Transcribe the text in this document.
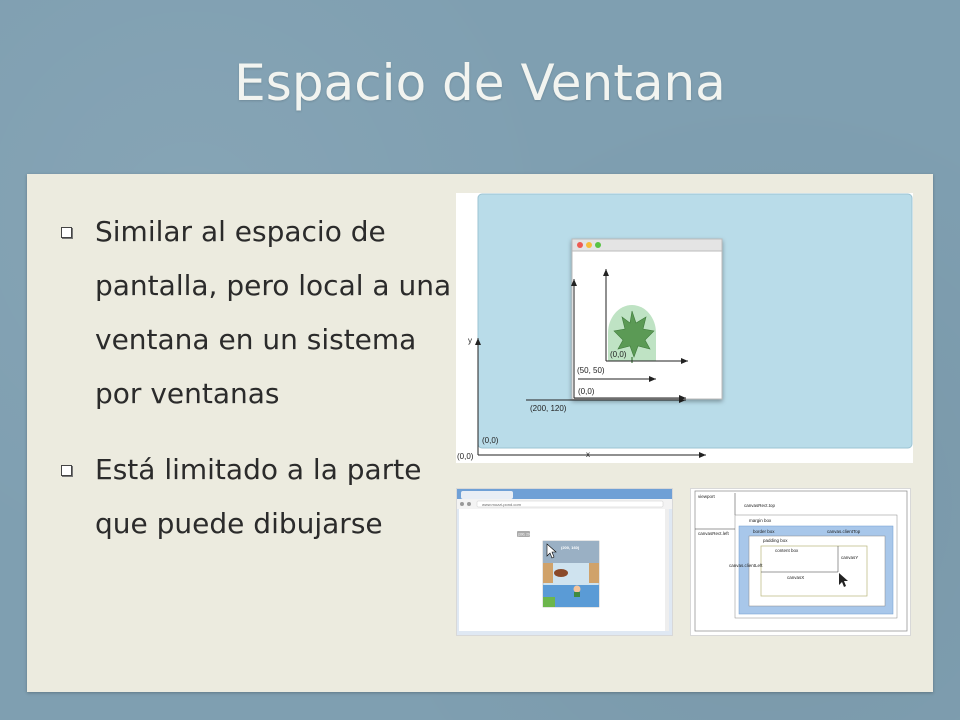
Espacio de Ventana
Similar al espacio de pantalla, pero local a una ventana en un sistema por ventanas
Está limitado a la parte que puede dibujarse
y
x
(0,0)
(0,0)
(200, 120)
(0,0)
(50, 50)
(0,0)
www.mozzi-pond.com
(300, 200)
(200, 160)
viewport
canvasRect.top
margin box
canvasRect.left	border box	canvas.clientTop
padding box
content box
canvas.clientLeft
canvasY
canvasX
